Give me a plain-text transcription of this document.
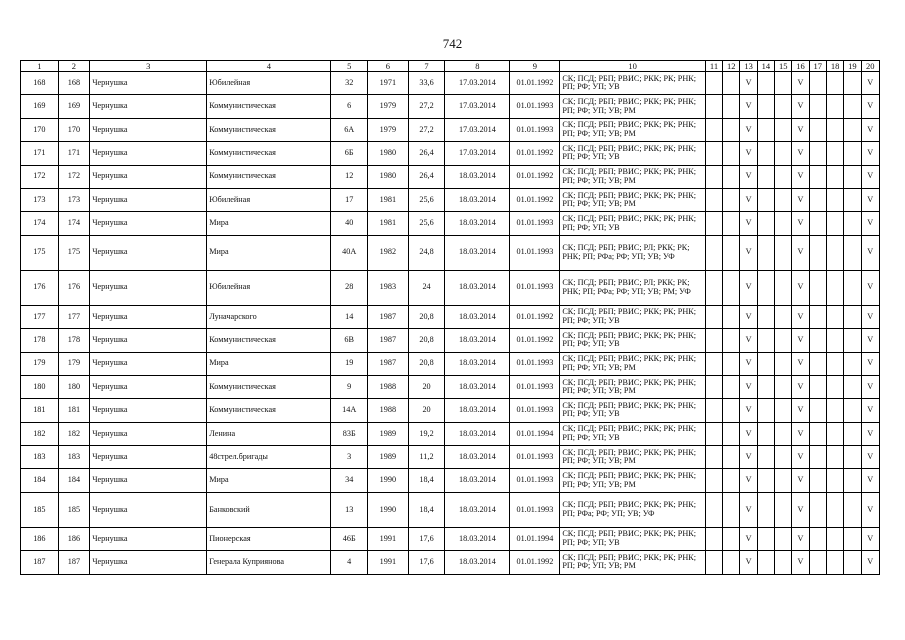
742
1	2	3	4	5	6	7	8	9	10	11	12	13	14	15	16	17	18	19	20
168	168	Чернушка	Юбилейная	32	1971	33,6	17.03.2014	01.01.1992	СК; ПСД; РБП; РВИС; РКК; РК; РНК; РП; РФ; УП; УВ			V			V				V
169	169	Чернушка	Коммунистическая	6	1979	27,2	17.03.2014	01.01.1993	СК; ПСД; РБП; РВИС; РКК; РК; РНК; РП; РФ; УП; УВ; РМ			V			V				V
170	170	Чернушка	Коммунистическая	6А	1979	27,2	17.03.2014	01.01.1993	СК; ПСД; РБП; РВИС; РКК; РК; РНК; РП; РФ; УП; УВ; РМ			V			V				V
171	171	Чернушка	Коммунистическая	6Б	1980	26,4	17.03.2014	01.01.1992	СК; ПСД; РБП; РВИС; РКК; РК; РНК; РП; РФ; УП; УВ			V			V				V
172	172	Чернушка	Коммунистическая	12	1980	26,4	18.03.2014	01.01.1992	СК; ПСД; РБП; РВИС; РКК; РК; РНК; РП; РФ; УП; УВ; РМ			V			V				V
173	173	Чернушка	Юбилейная	17	1981	25,6	18.03.2014	01.01.1992	СК; ПСД; РБП; РВИС; РКК; РК; РНК; РП; РФ; УП; УВ; РМ			V			V				V
174	174	Чернушка	Мира	40	1981	25,6	18.03.2014	01.01.1993	СК; ПСД; РБП; РВИС; РКК; РК; РНК; РП; РФ; УП; УВ			V			V				V
175	175	Чернушка	Мира	40А	1982	24,8	18.03.2014	01.01.1993	СК; ПСД; РБП; РВИС; РЛ; РКК; РК; РНК; РП; РФа; РФ; УП; УВ; УФ			V			V				V
176	176	Чернушка	Юбилейная	28	1983	24	18.03.2014	01.01.1993	СК; ПСД; РБП; РВИС; РЛ; РКК; РК; РНК; РП; РФа; РФ; УП; УВ; РМ; УФ			V			V				V
177	177	Чернушка	Луначарского	14	1987	20,8	18.03.2014	01.01.1992	СК; ПСД; РБП; РВИС; РКК; РК; РНК; РП; РФ; УП; УВ			V			V				V
178	178	Чернушка	Коммунистическая	6В	1987	20,8	18.03.2014	01.01.1992	СК; ПСД; РБП; РВИС; РКК; РК; РНК; РП; РФ; УП; УВ			V			V				V
179	179	Чернушка	Мира	19	1987	20,8	18.03.2014	01.01.1993	СК; ПСД; РБП; РВИС; РКК; РК; РНК; РП; РФ; УП; УВ; РМ			V			V				V
180	180	Чернушка	Коммунистическая	9	1988	20	18.03.2014	01.01.1993	СК; ПСД; РБП; РВИС; РКК; РК; РНК; РП; РФ; УП; УВ; РМ			V			V				V
181	181	Чернушка	Коммунистическая	14А	1988	20	18.03.2014	01.01.1993	СК; ПСД; РБП; РВИС; РКК; РК; РНК; РП; РФ; УП; УВ			V			V				V
182	182	Чернушка	Ленина	83Б	1989	19,2	18.03.2014	01.01.1994	СК; ПСД; РБП; РВИС; РКК; РК; РНК; РП; РФ; УП; УВ			V			V				V
183	183	Чернушка	48стрел.бригады	3	1989	11,2	18.03.2014	01.01.1993	СК; ПСД; РБП; РВИС; РКК; РК; РНК; РП; РФ; УП; УВ; РМ			V			V				V
184	184	Чернушка	Мира	34	1990	18,4	18.03.2014	01.01.1993	СК; ПСД; РБП; РВИС; РКК; РК; РНК; РП; РФ; УП; УВ; РМ			V			V				V
185	185	Чернушка	Банковский	13	1990	18,4	18.03.2014	01.01.1993	СК; ПСД; РБП; РВИС; РКК; РК; РНК; РП; РФа; РФ; УП; УВ; УФ			V			V				V
186	186	Чернушка	Пионерская	46Б	1991	17,6	18.03.2014	01.01.1994	СК; ПСД; РБП; РВИС; РКК; РК; РНК; РП; РФ; УП; УВ			V			V				V
187	187	Чернушка	Генерала Куприянова	4	1991	17,6	18.03.2014	01.01.1992	СК; ПСД; РБП; РВИС; РКК; РК; РНК; РП; РФ; УП; УВ; РМ			V			V				V
